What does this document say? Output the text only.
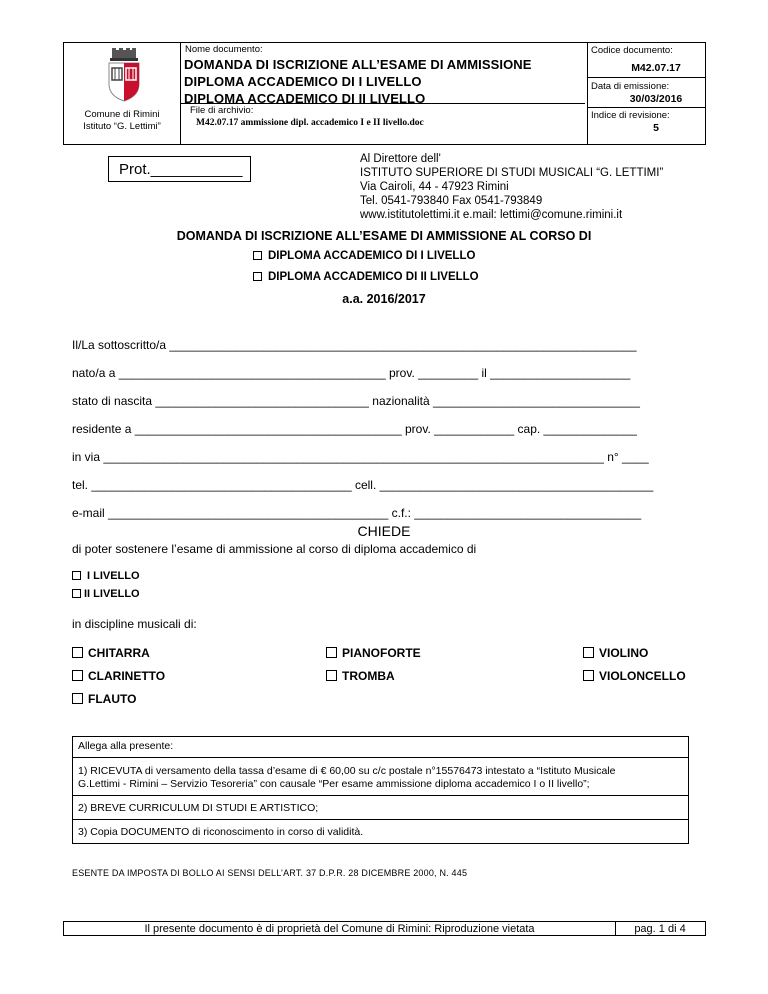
Comune di Rimini
Istituto “G. Lettimi”
Nome documento:
DOMANDA DI ISCRIZIONE ALL’ESAME DI AMMISSIONE
DIPLOMA ACCADEMICO DI I LIVELLO
DIPLOMA ACCADEMICO DI II LIVELLO
File di archivio:
M42.07.17 ammissione dipl. accademico I e II livello.doc
Codice documento:
M42.07.17
Data di emissione:
30/03/2016
Indice di revisione:
5
Prot.___________
Al Direttore dell'
ISTITUTO SUPERIORE DI STUDI MUSICALI “G. LETTIMI”
Via Cairoli, 44 - 47923 Rimini
Tel. 0541-793840 Fax 0541-793849
www.istitutolettimi.it e.mail: lettimi@comune.rimini.it
DOMANDA DI ISCRIZIONE ALL’ESAME DI AMMISSIONE AL CORSO DI
DIPLOMA ACCADEMICO DI I LIVELLO
DIPLOMA ACCADEMICO DI II LIVELLO
a.a. 2016/2017
Il/La sottoscritto/a ______________________________________________________________________
nato/a a ________________________________________ prov. _________ il _____________________
stato di nascita ________________________________ nazionalità _______________________________
residente a ________________________________________ prov. ____________ cap. ______________
in via ___________________________________________________________________________ n° ____
tel. _______________________________________ cell. _________________________________________
e-mail __________________________________________ c.f.: __________________________________
CHIEDE
di poter sostenere l’esame di ammissione al corso di diploma accademico di
I LIVELLO
II LIVELLO
in discipline musicali di:
CHITARRA	PIANOFORTE	VIOLINO
CLARINETTO	TROMBA	VIOLONCELLO
FLAUTO
Allega alla presente:
1) RICEVUTA di versamento della tassa d’esame di € 60,00 su c/c postale n°15576473 intestato a “Istituto Musicale
G.Lettimi - Rimini – Servizio Tesoreria” con causale “Per esame ammissione diploma accademico I o II livello”;
2) BREVE CURRICULUM DI STUDI E ARTISTICO;
3) Copia DOCUMENTO di riconoscimento in corso di validità.
ESENTE DA IMPOSTA DI BOLLO AI SENSI DELL’ART. 37 D.P.R. 28 DICEMBRE 2000, N. 445
Il presente documento è di proprietà del Comune di Rimini: Riproduzione vietata	pag. 1 di 4
